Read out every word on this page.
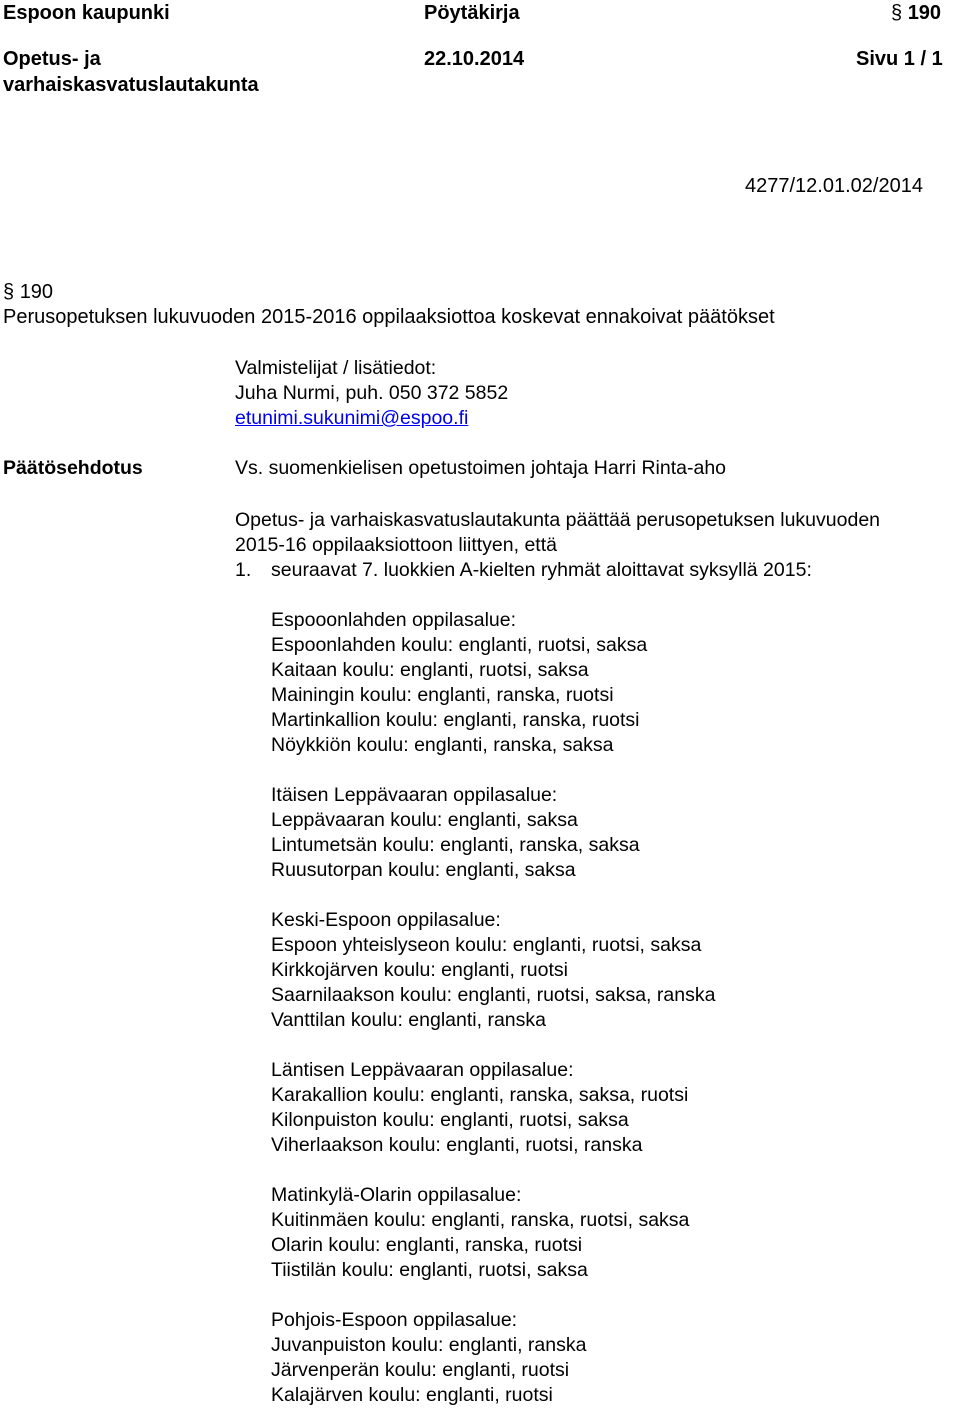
Espoon kaupunki	Pöytäkirja	§ 190
Opetus- ja
varhaiskasvatuslautakunta
22.10.2014	Sivu 1 / 1
4277/12.01.02/2014
§ 190
Perusopetuksen lukuvuoden 2015-2016 oppilaaksiottoa koskevat ennakoivat päätökset
Valmistelijat / lisätiedot:
Juha Nurmi, puh. 050 372 5852
etunimi.sukunimi@espoo.fi
Päätösehdotus	Vs. suomenkielisen opetustoimen johtaja Harri Rinta-aho
Opetus- ja varhaiskasvatuslautakunta päättää perusopetuksen lukuvuoden
2015-16 oppilaaksiottoon liittyen, että
1. seuraavat 7. luokkien A-kielten ryhmät aloittavat syksyllä 2015:
Espooonlahden oppilasalue:
Espoonlahden koulu: englanti, ruotsi, saksa
Kaitaan koulu: englanti, ruotsi, saksa
Mainingin koulu: englanti, ranska, ruotsi
Martinkallion koulu: englanti, ranska, ruotsi
Nöykkiön koulu: englanti, ranska, saksa
Itäisen Leppävaaran oppilasalue:
Leppävaaran koulu: englanti, saksa
Lintumetsän koulu: englanti, ranska, saksa
Ruusutorpan koulu: englanti, saksa
Keski-Espoon oppilasalue:
Espoon yhteislyseon koulu: englanti, ruotsi, saksa
Kirkkojärven koulu: englanti, ruotsi
Saarnilaakson koulu: englanti, ruotsi, saksa, ranska
Vanttilan koulu: englanti, ranska
Läntisen Leppävaaran oppilasalue:
Karakallion koulu: englanti, ranska, saksa, ruotsi
Kilonpuiston koulu: englanti, ruotsi, saksa
Viherlaakson koulu: englanti, ruotsi, ranska
Matinkylä-Olarin oppilasalue:
Kuitinmäen koulu: englanti, ranska, ruotsi, saksa
Olarin koulu: englanti, ranska, ruotsi
Tiistilän koulu: englanti, ruotsi, saksa
Pohjois-Espoon oppilasalue:
Juvanpuiston koulu: englanti, ranska
Järvenperän koulu: englanti, ruotsi
Kalajärven koulu: englanti, ruotsi
